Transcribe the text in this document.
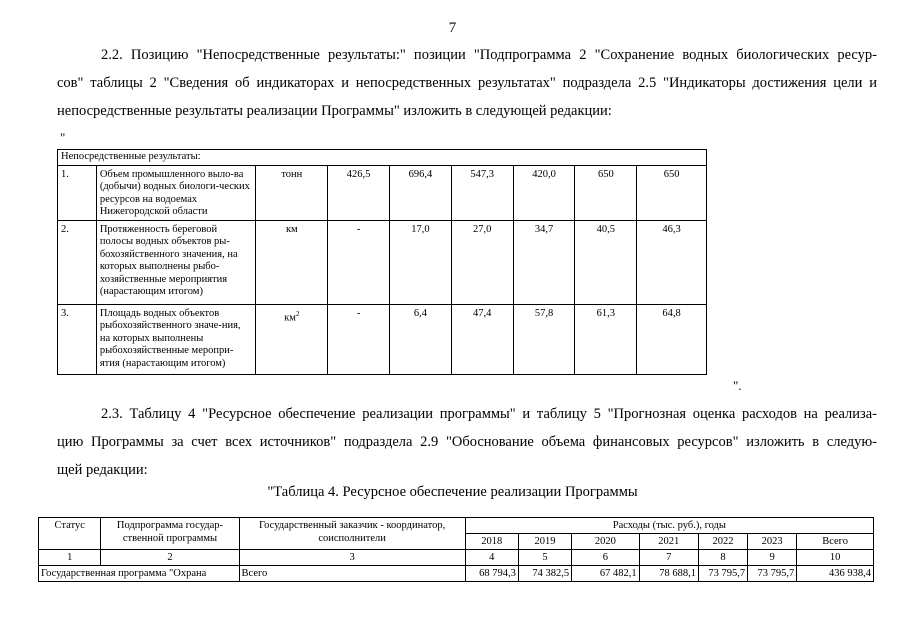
7
2.2. Позицию "Непосредственные результаты:" позиции "Подпрограмма 2 "Сохранение водных биологических ресур-
сов" таблицы 2 "Сведения об индикаторах и непосредственных результатах" подраздела 2.5 "Индикаторы достижения цели и
непосредственные результаты реализации Программы" изложить в следующей редакции:
"
Непосредственные результаты:								
1.	Объем промышленного выло-ва (добычи) водных биологи-ческих ресурсов на водоемах Нижегородской области	тонн	426,5	696,4	547,3	420,0	650	650
2.	Протяженность береговой полосы водных объектов ры-бохозяйственного значения, на которых выполнены рыбо-хозяйственные мероприятия (нарастающим итогом)	км	-	17,0	27,0	34,7	40,5	46,3
3.	Площадь водных объектов рыбохозяйственного значе-ния, на которых выполнены рыбохозяйственные меропри-ятия (нарастающим итогом)	$км^2$	-	6,4	47,4	57,8	61,3	64,8
".
2.3. Таблицу 4 "Ресурсное обеспечение реализации программы" и таблицу 5 "Прогнозная оценка расходов на реализа-
цию Программы за счет всех источников" подраздела 2.9 "Обоснование объема финансовых ресурсов" изложить в следую-
щей редакции:
"Таблица 4. Ресурсное обеспечение реализации Программы
Статус	Подпрограмма государ-ственной программы	Государственный заказчик - координатор, соисполнители	Расходы (тыс. руб.), годы						
			2018	2019	2020	2021	2022	2023	Всего
1	2	3	4	5	6	7	8	9	10
Государственная программа "Охрана		Всего	68 794,3	74 382,5	67 482,1	78 688,1	73 795,7	73 795,7	436 938,4
